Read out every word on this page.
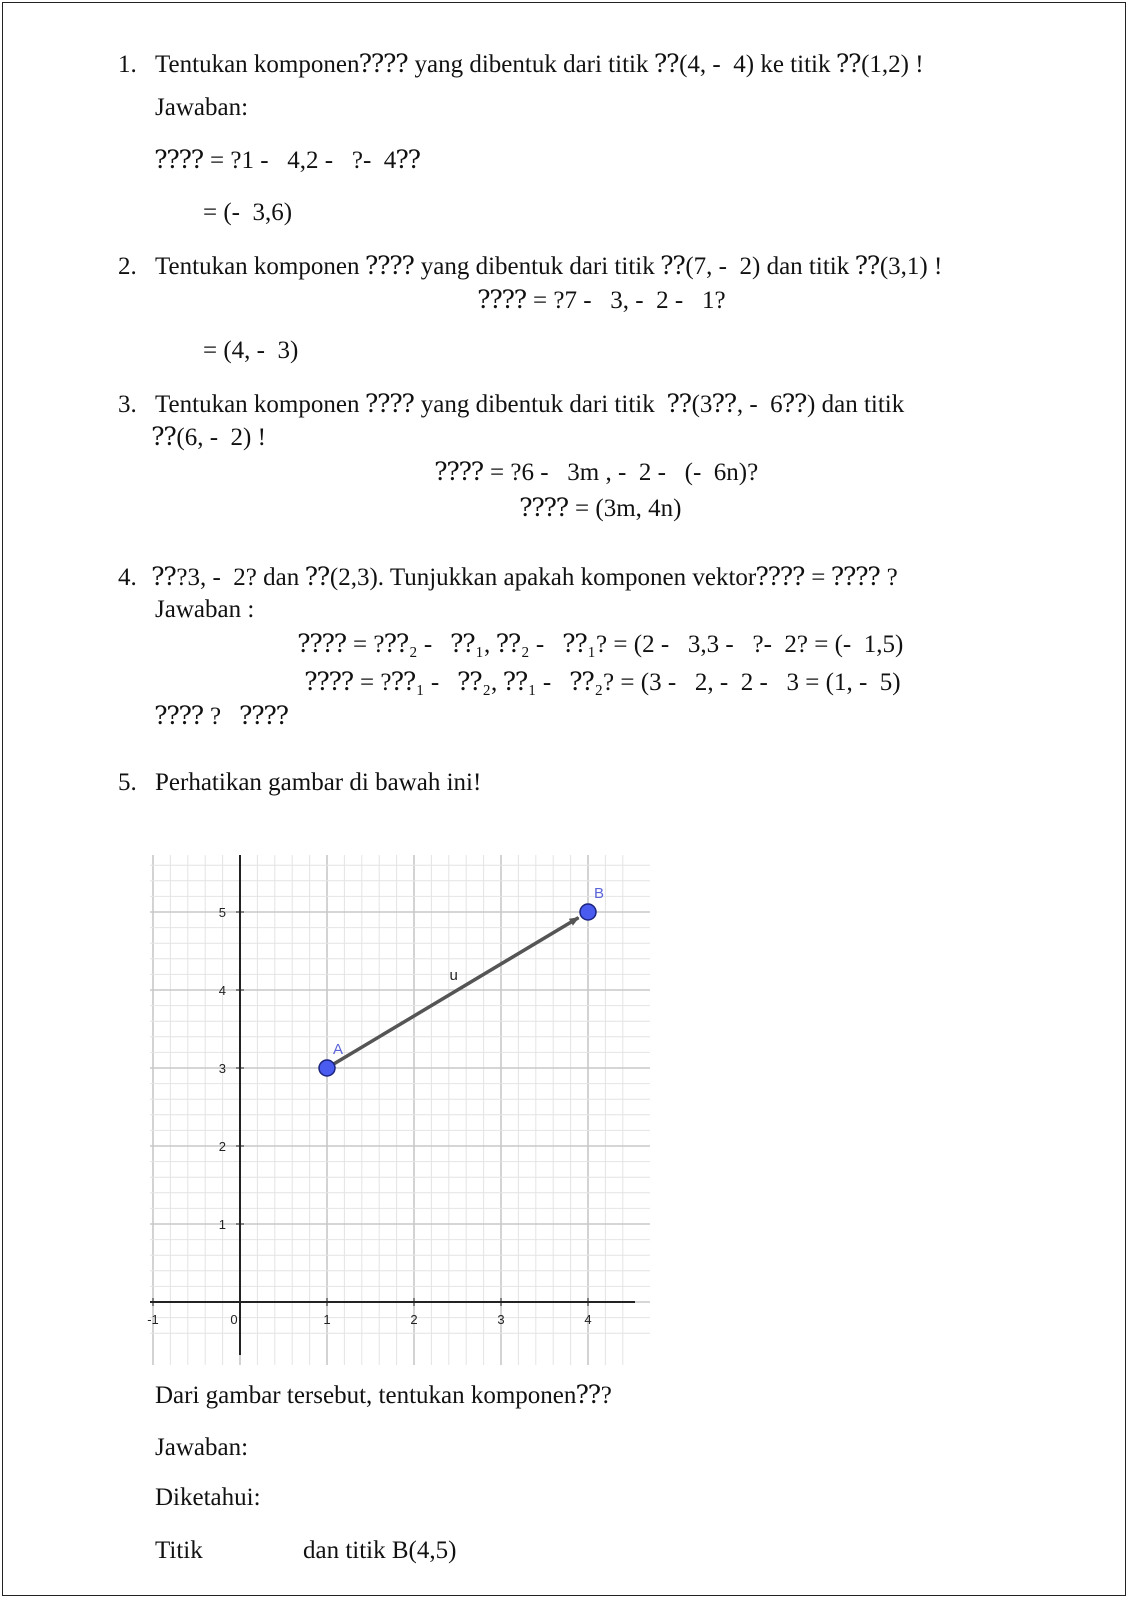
1. Tentukan komponen⁇⁇ yang dibentuk dari titik ⁇(4, -  4) ke titik ⁇(1,2) !
Jawaban:
⁇⁇ = ?1 -   4,2 -   ?-  4⁇
= (-  3,6)
2. Tentukan komponen ⁇⁇ yang dibentuk dari titik ⁇(7, -  2) dan titik ⁇(3,1) !
⁇⁇ = ?7 -   3, -  2 -   1?
= (4, -  3)
3. Tentukan komponen ⁇⁇ yang dibentuk dari titik  ⁇(3⁇, -  6⁇) dan titik
⁇(6, -  2) !
⁇⁇ = ?6 -   3m , -  2 -   (-  6n)?
⁇⁇ = (3m, 4n)
4. ⁇?3, -  2? dan ⁇(2,3). Tunjukkan apakah komponen vektor⁇⁇ = ⁇⁇ ?
Jawaban :
⁇⁇ = ?⁇₂ -   ⁇₁, ⁇₂ -   ⁇₁? = (2 -   3,3 -   ?-  2? = (-  1,5)
⁇⁇ = ?⁇₁ -   ⁇₂, ⁇₁ -   ⁇₂? = (3 -   2, -  2 -   3 = (1, -  5)
⁇⁇ ?   ⁇⁇
5. Perhatikan gambar di bawah ini!
-1	0	1	2	3	4
1
2
3
4
5
u
A
B
Dari gambar tersebut, tentukan komponen⁇?
Jawaban:
Diketahui:
Titik	dan titik B(4,5)
